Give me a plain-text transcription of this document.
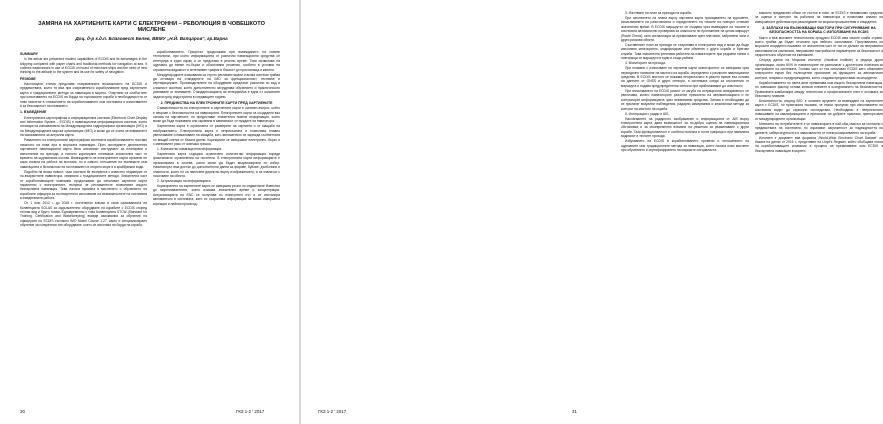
ЗАМЯНА НА ХАРТИЕНИТЕ КАРТИ С ЕЛЕКТРОННИ – РЕВОЛЮЦИЯ В ЧОВЕШКОТО МИСЛЕНЕ
Доц. д-р к.д.п. Благовест Белев, ВВМУ „Н.Й. Вапцаров“, гр.Варна

SUMMARY

In the article are presented modern capabilities of ECDIS and its advantages in the shipping compared with paper charts and traditional methods for navigation at sea. It outlines weaknesses in use of ECDIS on board of merchant ships and the need of new thinking to the attitude to the system and its use for safety of navigation.

РЕЗЮМЕ

Настоящата статия представя съвременните възможности на ECDIS и предимствата, които тя има при съвременното корабоплаване пред хартиените карти и традиционните методи за навигация в морето. Очертани са слабостите при използването на ECDIS на борда на търговските кораби и необходимостта от ново мислене в отношението на корабоплаването към системата и използването ѝ за безопасност на плаването.

1. ВЪВЕДЕНИЕ

Електронната картографска и информационна система (Electronic Chart Display and Information System – ECDIS) е навигационна информационна система, която отговаря на изискванията на Международната хидрографска организация (IHO) и на Международната морска организация (IMO) и може да се счита за еквивалент на изискванията за актуални карти.

Развитието на електронните картографски системи в корабоплаването постави началото на нова ера в морската навигация. През последните десетилетия хартиените навигационни карти бяха основният инструмент за планиране и изпълнение на прехода, а тяхното коригиране отнемаше значителна част от времето на щурманския състав. Въвеждането на електронните карти промени не само начина на работа на мостика, но и самото отношение на екипажите към навигацията и безопасността на плаването в открито море и в крайбрежни води.

Подобно на всяка новост, тази система бе възприета с известно недоверие от по-възрастните навигатори, свикнали с традиционните методи. Значителна част от корабоплаващите компании продължават да използват хартиени карти паралелно с електронните, въпреки че регламентите позволяват изцяло безхартиена навигация. Това налага промяна в мисленето и обучението на корабните офицери за пълноценното използване на възможностите на системата в ежедневната работа.

От 1 юли 2012 г. до 2018 г. постепенно влизат в сила изискванията на Конвенцията SOLAS за задължително оборудване на корабите с ECDIS според техния вид и бруто тонаж. Едновременно с това Конвенцията STCW (Standard for Training, Certification and Watchkeeping) въведе изисквания за обучение на офицерите по ECDIS съгласно IMO Model Course 1.27, както и специализирано обучение за конкретния тип оборудване, което се използва на борда на кораба.

корабоплаването. Процесът продължава при въвеждането на новите технологии, при които информацията от различни навигационни средства се интегрира в един екран и се представя в реално време. Това позволява на щурмана да вземе по-бързи и обосновани решения, особено в условия на ограничена видимост и интензивен трафик в близост до пристанища и канали.

Международните изисквания са строго регламентирани и всяка система трябва да отговаря на стандартите на IMO за функционалност, тестване и сертифициране. Производителите на оборудване предлагат различни по вид и сложност системи, което допълнително затруднява обучението и практическото усвояване от екипажите. Стандартизацията на интерфейса е една от основните задачи пред индустрията в следващите години.

2. ПРЕДИМСТВА НА ЕЛЕКТРОННИТЕ КАРТИ ПРЕД ХАРТИЕНИТЕ

Съвместимостта на електронните и хартиените карти е основен въпрос, който е свързан с безопасността на навигацията. Електронните карти са създадени въз основа на хартиените, но предоставят значително повече информация, която може да бъде показвана или скривана в зависимост от нуждите на навигатора.

Хартиената карта е ограничена от размерите на хартията и от мащаба на изображението. Електронната карта е непрекъсната и позволява плавно увеличаване и намаляване на мащаба, като автоматично се зарежда съответната по мащаб клетка от базата данни. Корекциите се извършват електронно, бързо и с минимален риск от човешка грешка.

1. Количество навигационна информация.

Хартиената карта съдържа ограничено количество информация поради физическите ограничения на носителя. В електронната карта информацията е организирана в слоеве, които могат да бъдат визуализирани по избор. Навигаторът има достъп до допълнителни данни за фарове, буйове, дълбочини и опасности, които не са нанесени директно върху изображението, а се извличат с посочване на обекта.

2. Актуализация на информацията.

Коригирането на хартиените карти се извършва ръчно по седмичните Известия до мореплавателите, което изисква значително време и концентрация. Актуализацията на ENC се получава по електронен път и се инсталира автоматично в системата, като се съхранява информация за всяка извършена корекция и нейния произход.

30	ГКЗ 1-2 ' 2017

3. Изготвяне на план за прехода на кораба.

При изготвянето на плана върху хартиени карти прокарването на курсовете, изчисляването на разстоянията и определянето на точките на поворот отнемат значително време. В ECDIS маршрутът се създава чрез въвеждане на точките и системата автоматично проверява за опасности по протежение на целия маршрут (Route Check), като сигнализира за преминаване през плитчини, забранени зони и други рискови обекти.

Съставеният план за прехода се съхранява в електронен вид и може да бъде използван многократно, модифициран или обменян с други кораби и брегови служби. Това значително улеснява работата на навигаторите при редовни линии и повторящи се маршрути в едни и същи райони.

4. Мониторинг на прехода.

При плаване с използване на хартиени карти мониторингът се извършва чрез периодично нанасяне на мястото на кораба, определено с различни навигационни средства. В ECDIS мястото се показва непрекъснато в реално време въз основа на данните от GNSS и други сензори, а системата следи за отклонения от маршрута и подава предупредителни сигнали при приближаване до опасности.

При използването на ECDIS рискът от загуба на ситуационна осведоменост се увеличава, когато навигаторите разчитат прекалено на автоматизацията и не контролират информацията чрез независими средства. Затова е необходимо да се прилагат визуални наблюдения, радарни измервания и класически методи за контрол на мястото на кораба.

5. Интеграция с радар и AIS.

Наслагването на радарното изображение и информацията от AIS върху електронната карта дава възможност за по-добра оценка на навигационната обстановка и за своевременно вземане на решения за разминаване с други кораби. Тази функционалност е особено полезна в гъсти трафици и при намалена видимост в тесните проходи.

Избухването на ECDIS в корабоплаването промени и отношението на щурманите към традиционните методи за навигация, което налага ново мислене при обучението и сертифицирането на морските специалисти.

важното предимство обаче се състои в това, че ECDIS е независимо средство за оценка и контрол на работата на навигатора и позволява анализ на извършените действия при разследване на морски произшествия и инциденти.

3. ЗАПЛАХИ НА ВЪЗНИКВАЩИ ФАКТОРИ ПРИ СИГУРНЯВАНЕ НА БЕЗОПАСНОСТТА НА КОРАБА С ИЗПОЛЗВАНЕ НА ECDIS

Както и във всичките технологични продукти ECDIS има своите слаби страни, които трябва да бъдат отчитани при нейното използване. Проучванията на морските инциденти показват, че значителна част от тях се дължат на неправилно използване на системата, неправилни настройки на параметрите за безопасност и недостатъчно обучение на екипажите.

Според данни на Морския институт (Nautical Institute) и редица други организации, около 60% от навигаторите не разполагат с достатъчни познания за настройките на системата. Голяма част от тях използват ECDIS като обикновен електронен екран без пълноценно прилагане на функциите за автоматичен контрол, аларми и предупреждения, което създава предпоставки за инциденти.

Корабоплаването по света вече преминава към изцяло безхартиена навигация, но човешкият фактор остава ключов елемент в осигуряването на безопасността. Правилната комбинация между технология и професионален опит е основата за безопасно плаване.

Безопасността, според IMO, е основен аргумент за въвеждане на хартиените карти с ECDIS, но практиката показва, че някои пропуски при използването на системата водят до сериозни последствия. Необходимо е непрекъснато повишаване на квалификацията и прилагане на добрите практики, препоръчани от международните организации.

Мнението на потребителите е че навигаторите в най-общ смисъл са съгласни с предимствата на системата, но изразяват загриженост за надеждността на данните, киберсигурността и зависимостта от електрозахранването на кораба.

Изготвен е документ във формата „World-Wide Electronic Chart Dataset“ на базата на данни от 2016 г., представен на Lloyd's Register, който обобщава опита на корабоплаващите компании в процеса на преминаване към ECDIS и безхартиена навигация в морето.

ГКЗ 1-2 ' 2017	31
